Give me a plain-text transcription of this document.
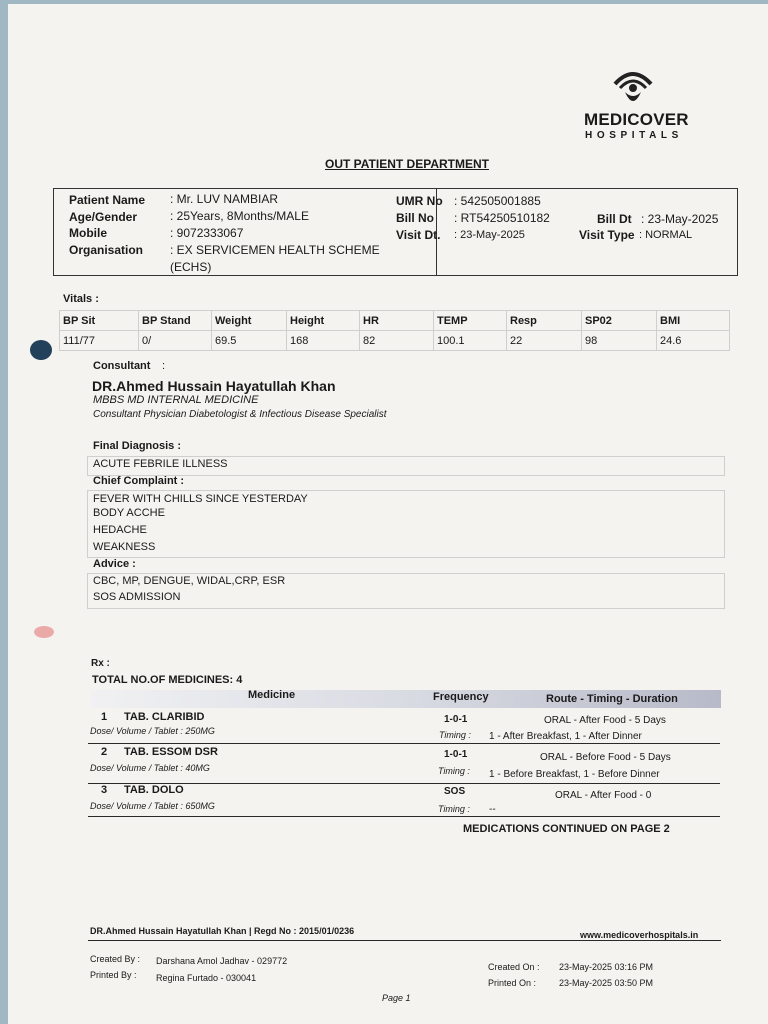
MEDICOVER
HOSPITALS
OUT PATIENT DEPARTMENT
Patient Name : Mr. LUV NAMBIAR
Age/Gender	: 25Years, 8Months/MALE
Mobile	: 9072333067
Organisation : EX SERVICEMEN HEALTH SCHEME
(ECHS)
UMR No : 542505001885
Bill No : RT54250510182
Visit Dt. : 23-May-2025
Bill Dt : 23-May-2025
Visit Type : NORMAL
Vitals :
BP Sit	BP Stand	Weight	Height	HR	TEMP	Resp	SP02	BMI
111/77	0/	69.5	168	82	100.1	22	98	24.6
Consultant :
DR.Ahmed Hussain Hayatullah Khan
MBBS MD INTERNAL MEDICINE
Consultant Physician Diabetologist & Infectious Disease Specialist
Final Diagnosis :
ACUTE FEBRILE ILLNESS
Chief Complaint :
FEVER WITH CHILLS SINCE YESTERDAY
BODY ACCHE
HEDACHE
WEAKNESS
Advice :
CBC, MP, DENGUE, WIDAL,CRP, ESR
SOS ADMISSION
Rx :
TOTAL NO.OF MEDICINES: 4
Medicine	Frequency	Route - Timing - Duration
1 TAB. CLARIBID	1-0-1	ORAL - After Food - 5 Days
Dose/ Volume / Tablet : 250MG	Timing : 1 - After Breakfast, 1 - After Dinner
2 TAB. ESSOM DSR	1-0-1	ORAL - Before Food - 5 Days
Dose/ Volume / Tablet : 40MG	Timing : 1 - Before Breakfast, 1 - Before Dinner
3 TAB. DOLO	SOS	ORAL - After Food - 0
Dose/ Volume / Tablet : 650MG	Timing : --
MEDICATIONS CONTINUED ON PAGE 2
DR.Ahmed Hussain Hayatullah Khan | Regd No : 2015/01/0236	www.medicoverhospitals.in
Created By : Darshana Amol Jadhav - 029772
Printed By : Regina Furtado - 030041
Created On : 23-May-2025 03:16 PM
Printed On :	23-May-2025 03:50 PM
Page 1
